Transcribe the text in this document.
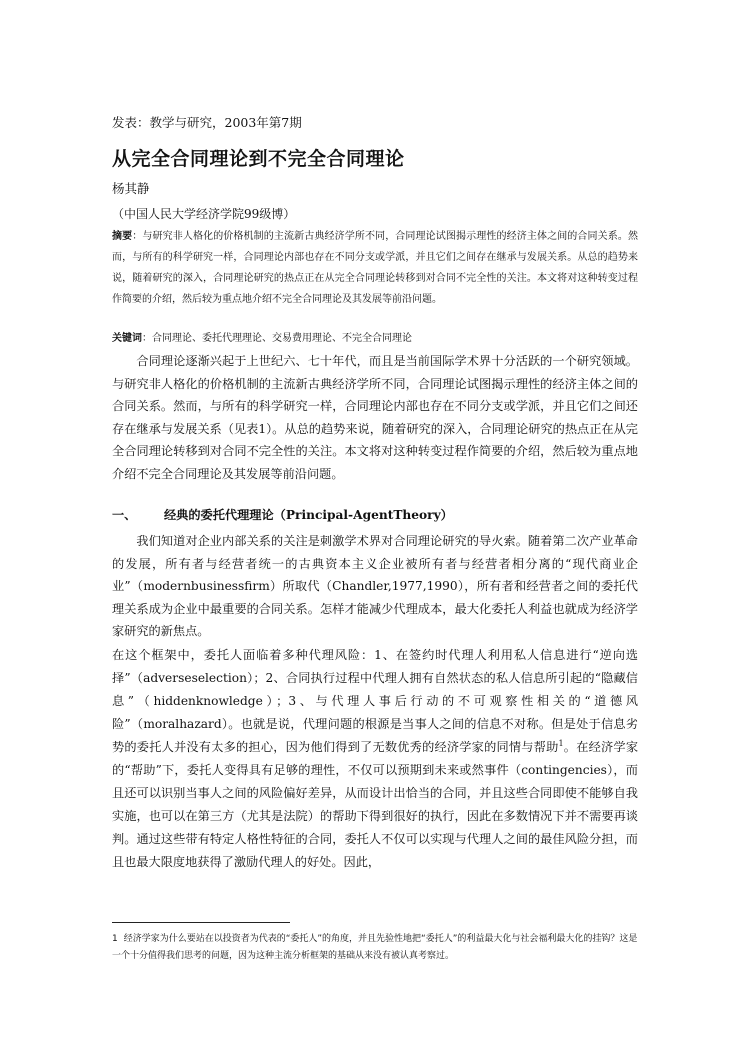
发表：教学与研究，2003年第7期

从完全合同理论到不完全合同理论

杨其静

（中国人民大学经济学院99级博）

摘要：与研究非人格化的价格机制的主流新古典经济学所不同，合同理论试图揭示理性的经济主体之间的合同关系。然而，与所有的科学研究一样，合同理论内部也存在不同分支或学派，并且它们之间存在继承与发展关系。从总的趋势来说，随着研究的深入，合同理论研究的热点正在从完全合同理论转移到对合同不完全性的关注。本文将对这种转变过程作简要的介绍，然后较为重点地介绍不完全合同理论及其发展等前沿问题。

关键词：合同理论、委托代理理论、交易费用理论、不完全合同理论

合同理论逐渐兴起于上世纪六、七十年代，而且是当前国际学术界十分活跃的一个研究领域。与研究非人格化的价格机制的主流新古典经济学所不同，合同理论试图揭示理性的经济主体之间的合同关系。然而，与所有的科学研究一样，合同理论内部也存在不同分支或学派，并且它们之间还存在继承与发展关系（见表1）。从总的趋势来说，随着研究的深入，合同理论研究的热点正在从完全合同理论转移到对合同不完全性的关注。本文将对这种转变过程作简要的介绍，然后较为重点地介绍不完全合同理论及其发展等前沿问题。

一、 经典的委托代理理论（Principal-AgentTheory）

我们知道对企业内部关系的关注是刺激学术界对合同理论研究的导火索。随着第二次产业革命的发展，所有者与经营者统一的古典资本主义企业被所有者与经营者相分离的“现代商业企业”（modernbusinessfirm）所取代（Chandler,1977,1990），所有者和经营者之间的委托代理关系成为企业中最重要的合同关系。怎样才能减少代理成本，最大化委托人利益也就成为经济学家研究的新焦点。

在这个框架中，委托人面临着多种代理风险：1、在签约时代理人利用私人信息进行“逆向选择”（adverseselection）；2、合同执行过程中代理人拥有自然状态的私人信息所引起的“隐藏信息”（hiddenknowledge）；3、与代理人事后行动的不可观察性相关的“道德风险”（moralhazard）。也就是说，代理问题的根源是当事人之间的信息不对称。但是处于信息劣势的委托人并没有太多的担心，因为他们得到了无数优秀的经济学家的同情与帮助$^1$。在经济学家的“帮助”下，委托人变得具有足够的理性，不仅可以预期到未来或然事件（contingencies），而且还可以识别当事人之间的风险偏好差异，从而设计出恰当的合同，并且这些合同即使不能够自我实施，也可以在第三方（尤其是法院）的帮助下得到很好的执行，因此在多数情况下并不需要再谈判。通过这些带有特定人格性特征的合同，委托人不仅可以实现与代理人之间的最佳风险分担，而且也最大限度地获得了激励代理人的好处。因此，

1 经济学家为什么要站在以投资者为代表的“委托人”的角度，并且先验性地把“委托人”的利益最大化与社会福利最大化的挂钩？这是一个十分值得我们思考的问题，因为这种主流分析框架的基础从来没有被认真考察过。
